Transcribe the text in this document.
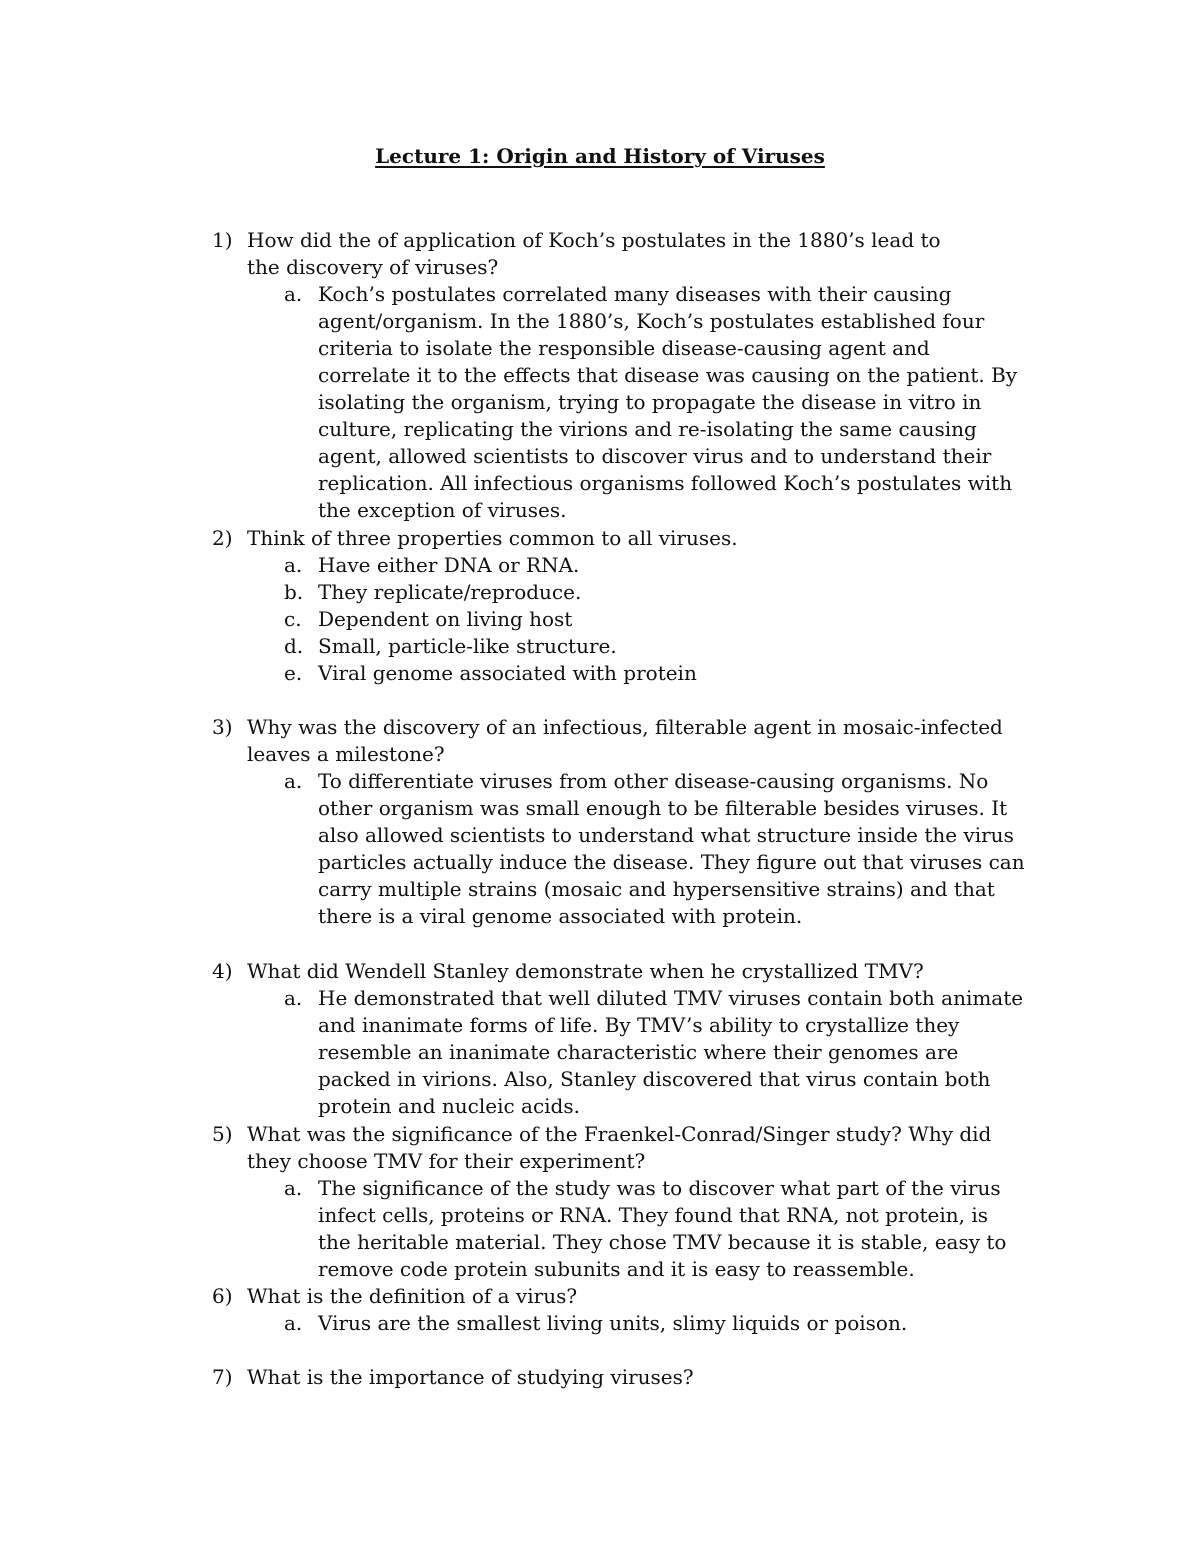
Lecture 1: Origin and History of Viruses
1) How did the of application of Koch’s postulates in the 1880’s lead to the discovery of viruses?
a. Koch’s postulates correlated many diseases with their causing agent/organism. In the 1880’s, Koch’s postulates established four criteria to isolate the responsible disease-causing agent and correlate it to the effects that disease was causing on the patient. By isolating the organism, trying to propagate the disease in vitro in culture, replicating the virions and re-isolating the same causing agent, allowed scientists to discover virus and to understand their replication. All infectious organisms followed Koch’s postulates with the exception of viruses.
2) Think of three properties common to all viruses.
a. Have either DNA or RNA.
b. They replicate/reproduce.
c. Dependent on living host
d. Small, particle-like structure.
e. Viral genome associated with protein
3) Why was the discovery of an infectious, filterable agent in mosaic-infected leaves a milestone?
a. To differentiate viruses from other disease-causing organisms. No other organism was small enough to be filterable besides viruses. It also allowed scientists to understand what structure inside the virus particles actually induce the disease. They figure out that viruses can carry multiple strains (mosaic and hypersensitive strains) and that there is a viral genome associated with protein.
4) What did Wendell Stanley demonstrate when he crystallized TMV?
a. He demonstrated that well diluted TMV viruses contain both animate and inanimate forms of life. By TMV’s ability to crystallize they resemble an inanimate characteristic where their genomes are packed in virions. Also, Stanley discovered that virus contain both protein and nucleic acids.
5) What was the significance of the Fraenkel-Conrad/Singer study? Why did they choose TMV for their experiment?
a. The significance of the study was to discover what part of the virus infect cells, proteins or RNA. They found that RNA, not protein, is the heritable material. They chose TMV because it is stable, easy to remove code protein subunits and it is easy to reassemble.
6) What is the definition of a virus?
a. Virus are the smallest living units, slimy liquids or poison.
7) What is the importance of studying viruses?
